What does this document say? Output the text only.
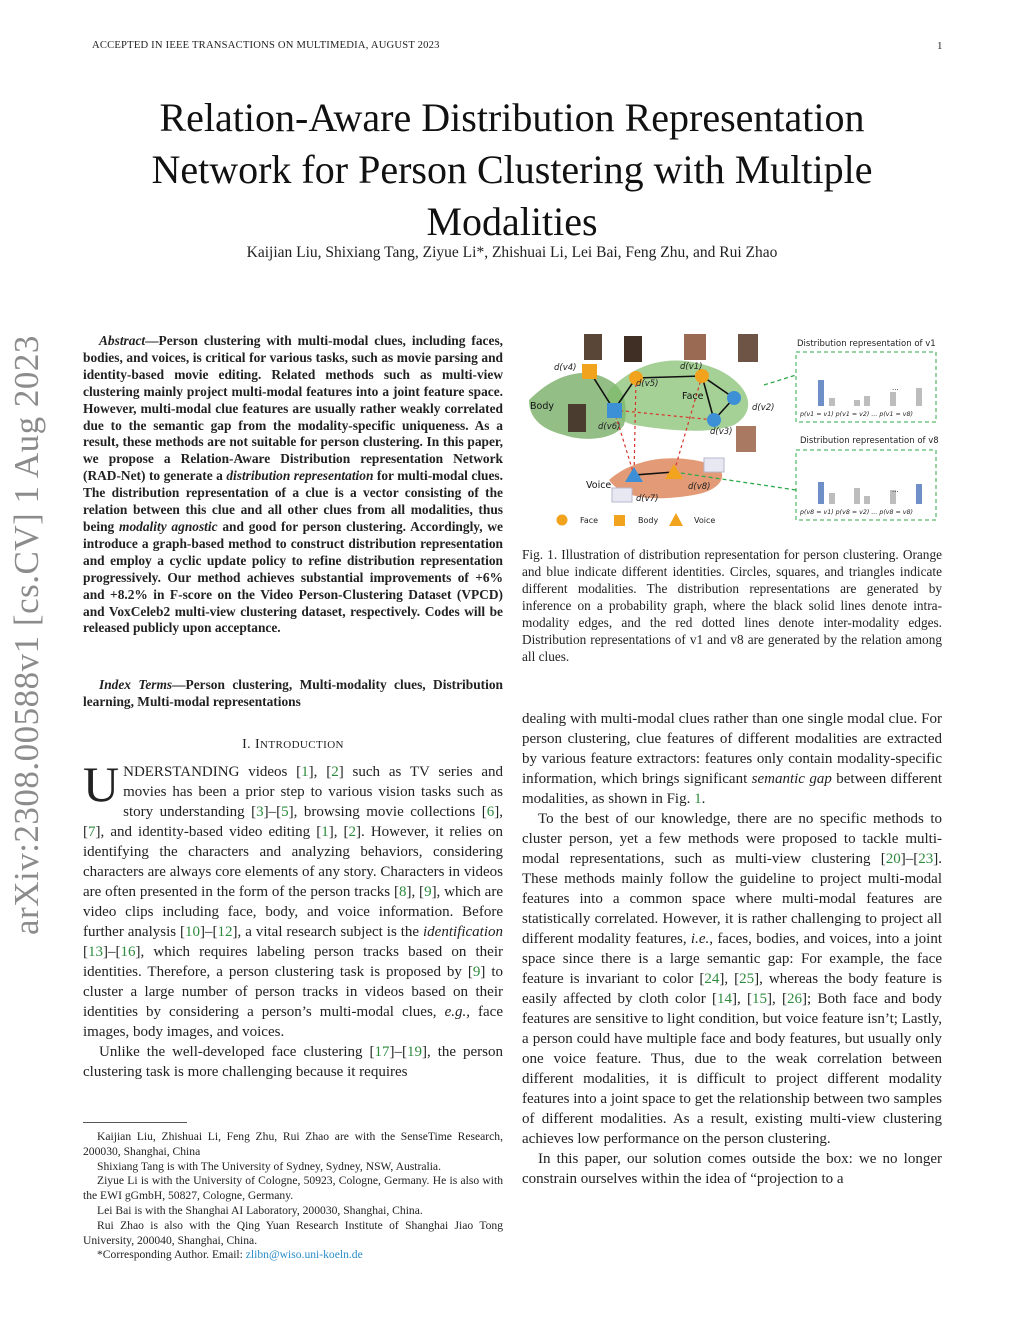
ACCEPTED IN IEEE TRANSACTIONS ON MULTIMEDIA, AUGUST 2023	1
Relation-Aware Distribution Representation
Network for Person Clustering with Multiple
Modalities
Kaijian Liu, Shixiang Tang, Ziyue Li*, Zhishuai Li, Lei Bai, Feng Zhu, and Rui Zhao
arXiv:2308.00588v1 [cs.CV] 1 Aug 2023	Abstract—Person clustering with multi-modal clues, including faces, bodies, and voices, is critical for various tasks, such as movie parsing and identity-based movie editing. Related methods such as multi-view clustering mainly project multi-modal features into a joint feature space. However, multi-modal clue features are usually rather weakly correlated due to the semantic gap from the modality-specific uniqueness. As a result, these methods are not suitable for person clustering. In this paper, we propose a Relation-Aware Distribution representation Network (RAD-Net) to generate a distribution representation for multi-modal clues. The distribution representation of a clue is a vector consisting of the relation between this clue and all other clues from all modalities, thus being modality agnostic and good for person clustering. Accordingly, we introduce a graph-based method to construct distribution representation and employ a cyclic update policy to refine distribution representation progressively. Our method achieves substantial improvements of +6% and +8.2% in F-score on the Video Person-Clustering Dataset (VPCD) and VoxCeleb2 multi-view clustering dataset, respectively. Codes will be released publicly upon acceptance.
Index Terms—Person clustering, Multi-modality clues, Distribution learning, Multi-modal representations
I. INTRODUCTION

UNDERSTANDING videos [1], [2] such as TV series and movies has been a prior step to various vision tasks such as story understanding [3]–[5], browsing movie collections [6], [7], and identity-based video editing [1], [2]. However, it relies on identifying the characters and analyzing behaviors, considering characters are always core elements of any story. Characters in videos are often presented in the form of the person tracks [8], [9], which are video clips including face, body, and voice information. Before further analysis [10]–[12], a vital research subject is the identification [13]–[16], which requires labeling person tracks based on their identities. Therefore, a person clustering task is proposed by [9] to cluster a large number of person tracks in videos based on their identities by considering a person’s multi-modal clues, e.g., face images, body images, and voices.

Unlike the well-developed face clustering [17]–[19], the person clustering task is more challenging because it requires

Kaijian Liu, Zhishuai Li, Feng Zhu, Rui Zhao are with the SenseTime Research, 200030, Shanghai, China

Shixiang Tang is with The University of Sydney, Sydney, NSW, Australia.

Ziyue Li is with the University of Cologne, 50923, Cologne, Germany. He is also with the EWI gGmbH, 50827, Cologne, Germany.

Lei Bai is with the Shanghai AI Laboratory, 200030, Shanghai, China.

Rui Zhao is also with the Qing Yuan Research Institute of Shanghai Jiao Tong University, 200040, Shanghai, China.

*Corresponding Author. Email: zlibn@wiso.uni-koeln.de

d(v4)
d(v6)
d(v5)
d(v1)
d(v2)
d(v3)
d(v7)
d(v8)
Body
Face
Voice
Distribution representation of v1
...
p(v1 = v1) p(v1 = v2) ... p(v1 = v8)
Distribution representation of v8
...
p(v8 = v1) p(v8 = v2) ... p(v8 = v8)
Face	Body	Voice
Fig. 1. Illustration of distribution representation for person clustering. Orange and blue indicate different identities. Circles, squares, and triangles indicate different modalities. The distribution representations are generated by inference on a probability graph, where the black solid lines denote intra-modality edges, and the red dotted lines denote inter-modality edges. Distribution representations of v1 and v8 are generated by the relation among all clues.

dealing with multi-modal clues rather than one single modal clue. For person clustering, clue features of different modalities are extracted by various feature extractors: features only contain modality-specific information, which brings significant semantic gap between different modalities, as shown in Fig. 1.

To the best of our knowledge, there are no specific methods to cluster person, yet a few methods were proposed to tackle multi-modal representations, such as multi-view clustering [20]–[23]. These methods mainly follow the guideline to project multi-modal features into a common space where multi-modal features are statistically correlated. However, it is rather challenging to project all different modality features, i.e., faces, bodies, and voices, into a joint space since there is a large semantic gap: For example, the face feature is invariant to color [24], [25], whereas the body feature is easily affected by cloth color [14], [15], [26]; Both face and body features are sensitive to light condition, but voice feature isn’t; Lastly, a person could have multiple face and body features, but usually only one voice feature. Thus, due to the weak correlation between different modalities, it is difficult to project different modality features into a joint space to get the relationship between two samples of different modalities. As a result, existing multi-view clustering achieves low performance on the person clustering.

In this paper, our solution comes outside the box: we no longer constrain ourselves within the idea of “projection to a
